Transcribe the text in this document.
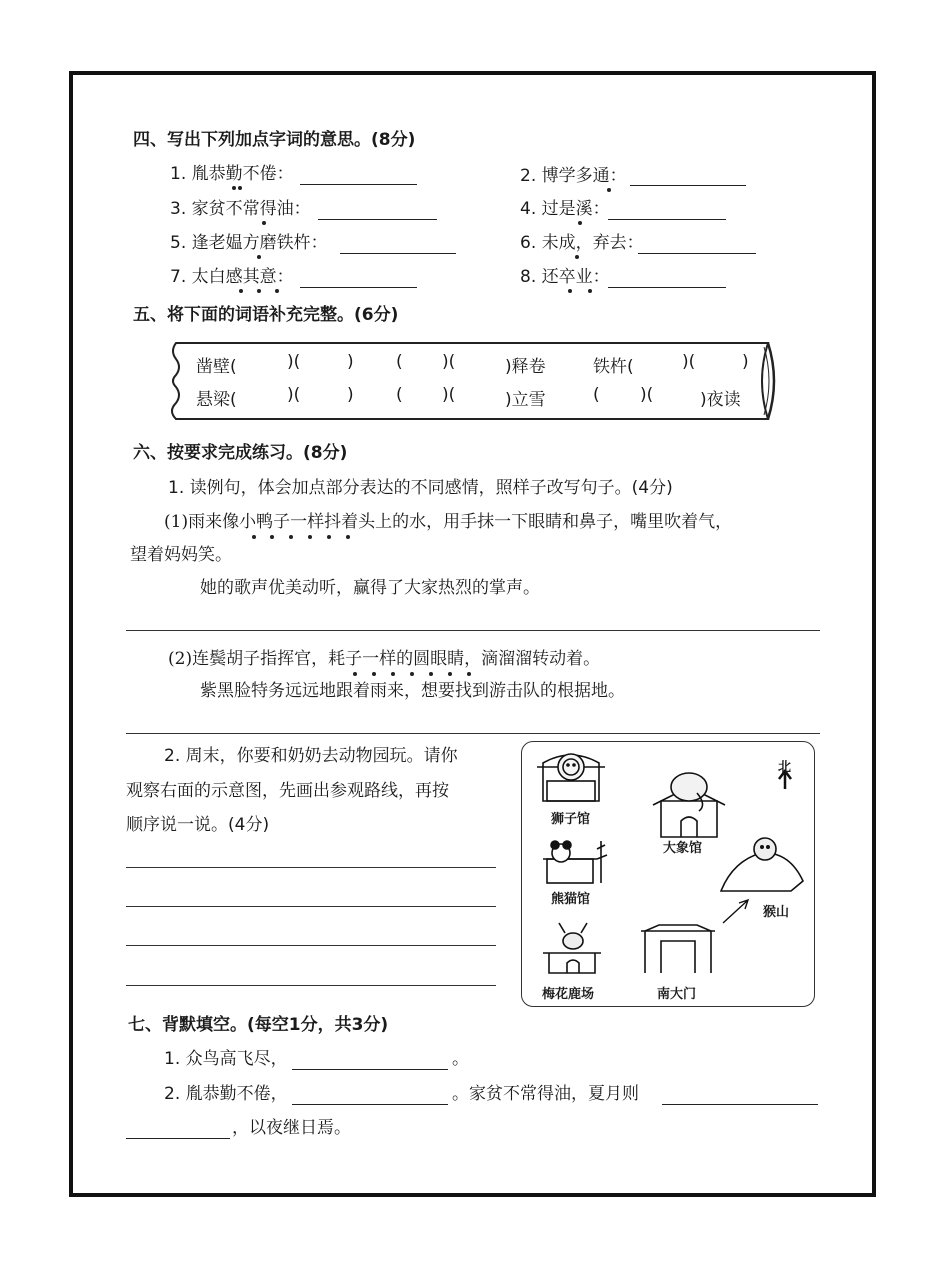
四、写出下列加点字词的意思。(8分)
1. 胤恭勤不倦：	2. 博学多通：
3. 家贫不常得油：	4. 过是溪：
5. 逢老媪方磨铁杵：	6. 未成，弃去：
7. 太白感其意：	8. 还卒业：
五、将下面的词语补充完整。(6分)
凿壁(	)(	) ( )(	)释卷	铁杵(	)(	)
悬梁(	)(	) ( )(	)立雪	( )(	)夜读
六、按要求完成练习。(8分)
1. 读例句，体会加点部分表达的不同感情，照样子改写句子。(4分)
(1)雨来像小鸭子一样抖着头上的水，用手抹一下眼睛和鼻子，嘴里吹着气，
望着妈妈笑。
她的歌声优美动听，赢得了大家热烈的掌声。
(2)连鬓胡子指挥官，耗子一样的圆眼睛，滴溜溜转动着。
紫黑脸特务远远地跟着雨来，想要找到游击队的根据地。
2. 周末，你要和奶奶去动物园玩。请你
观察右面的示意图，先画出参观路线，再按
顺序说一说。(4分)
北
狮子馆
大象馆
熊猫馆
猴山
梅花鹿场	南大门
七、背默填空。(每空1分，共3分)
1. 众鸟高飞尽，	。
2. 胤恭勤不倦，	。家贫不常得油，夏月则
，以夜继日焉。
